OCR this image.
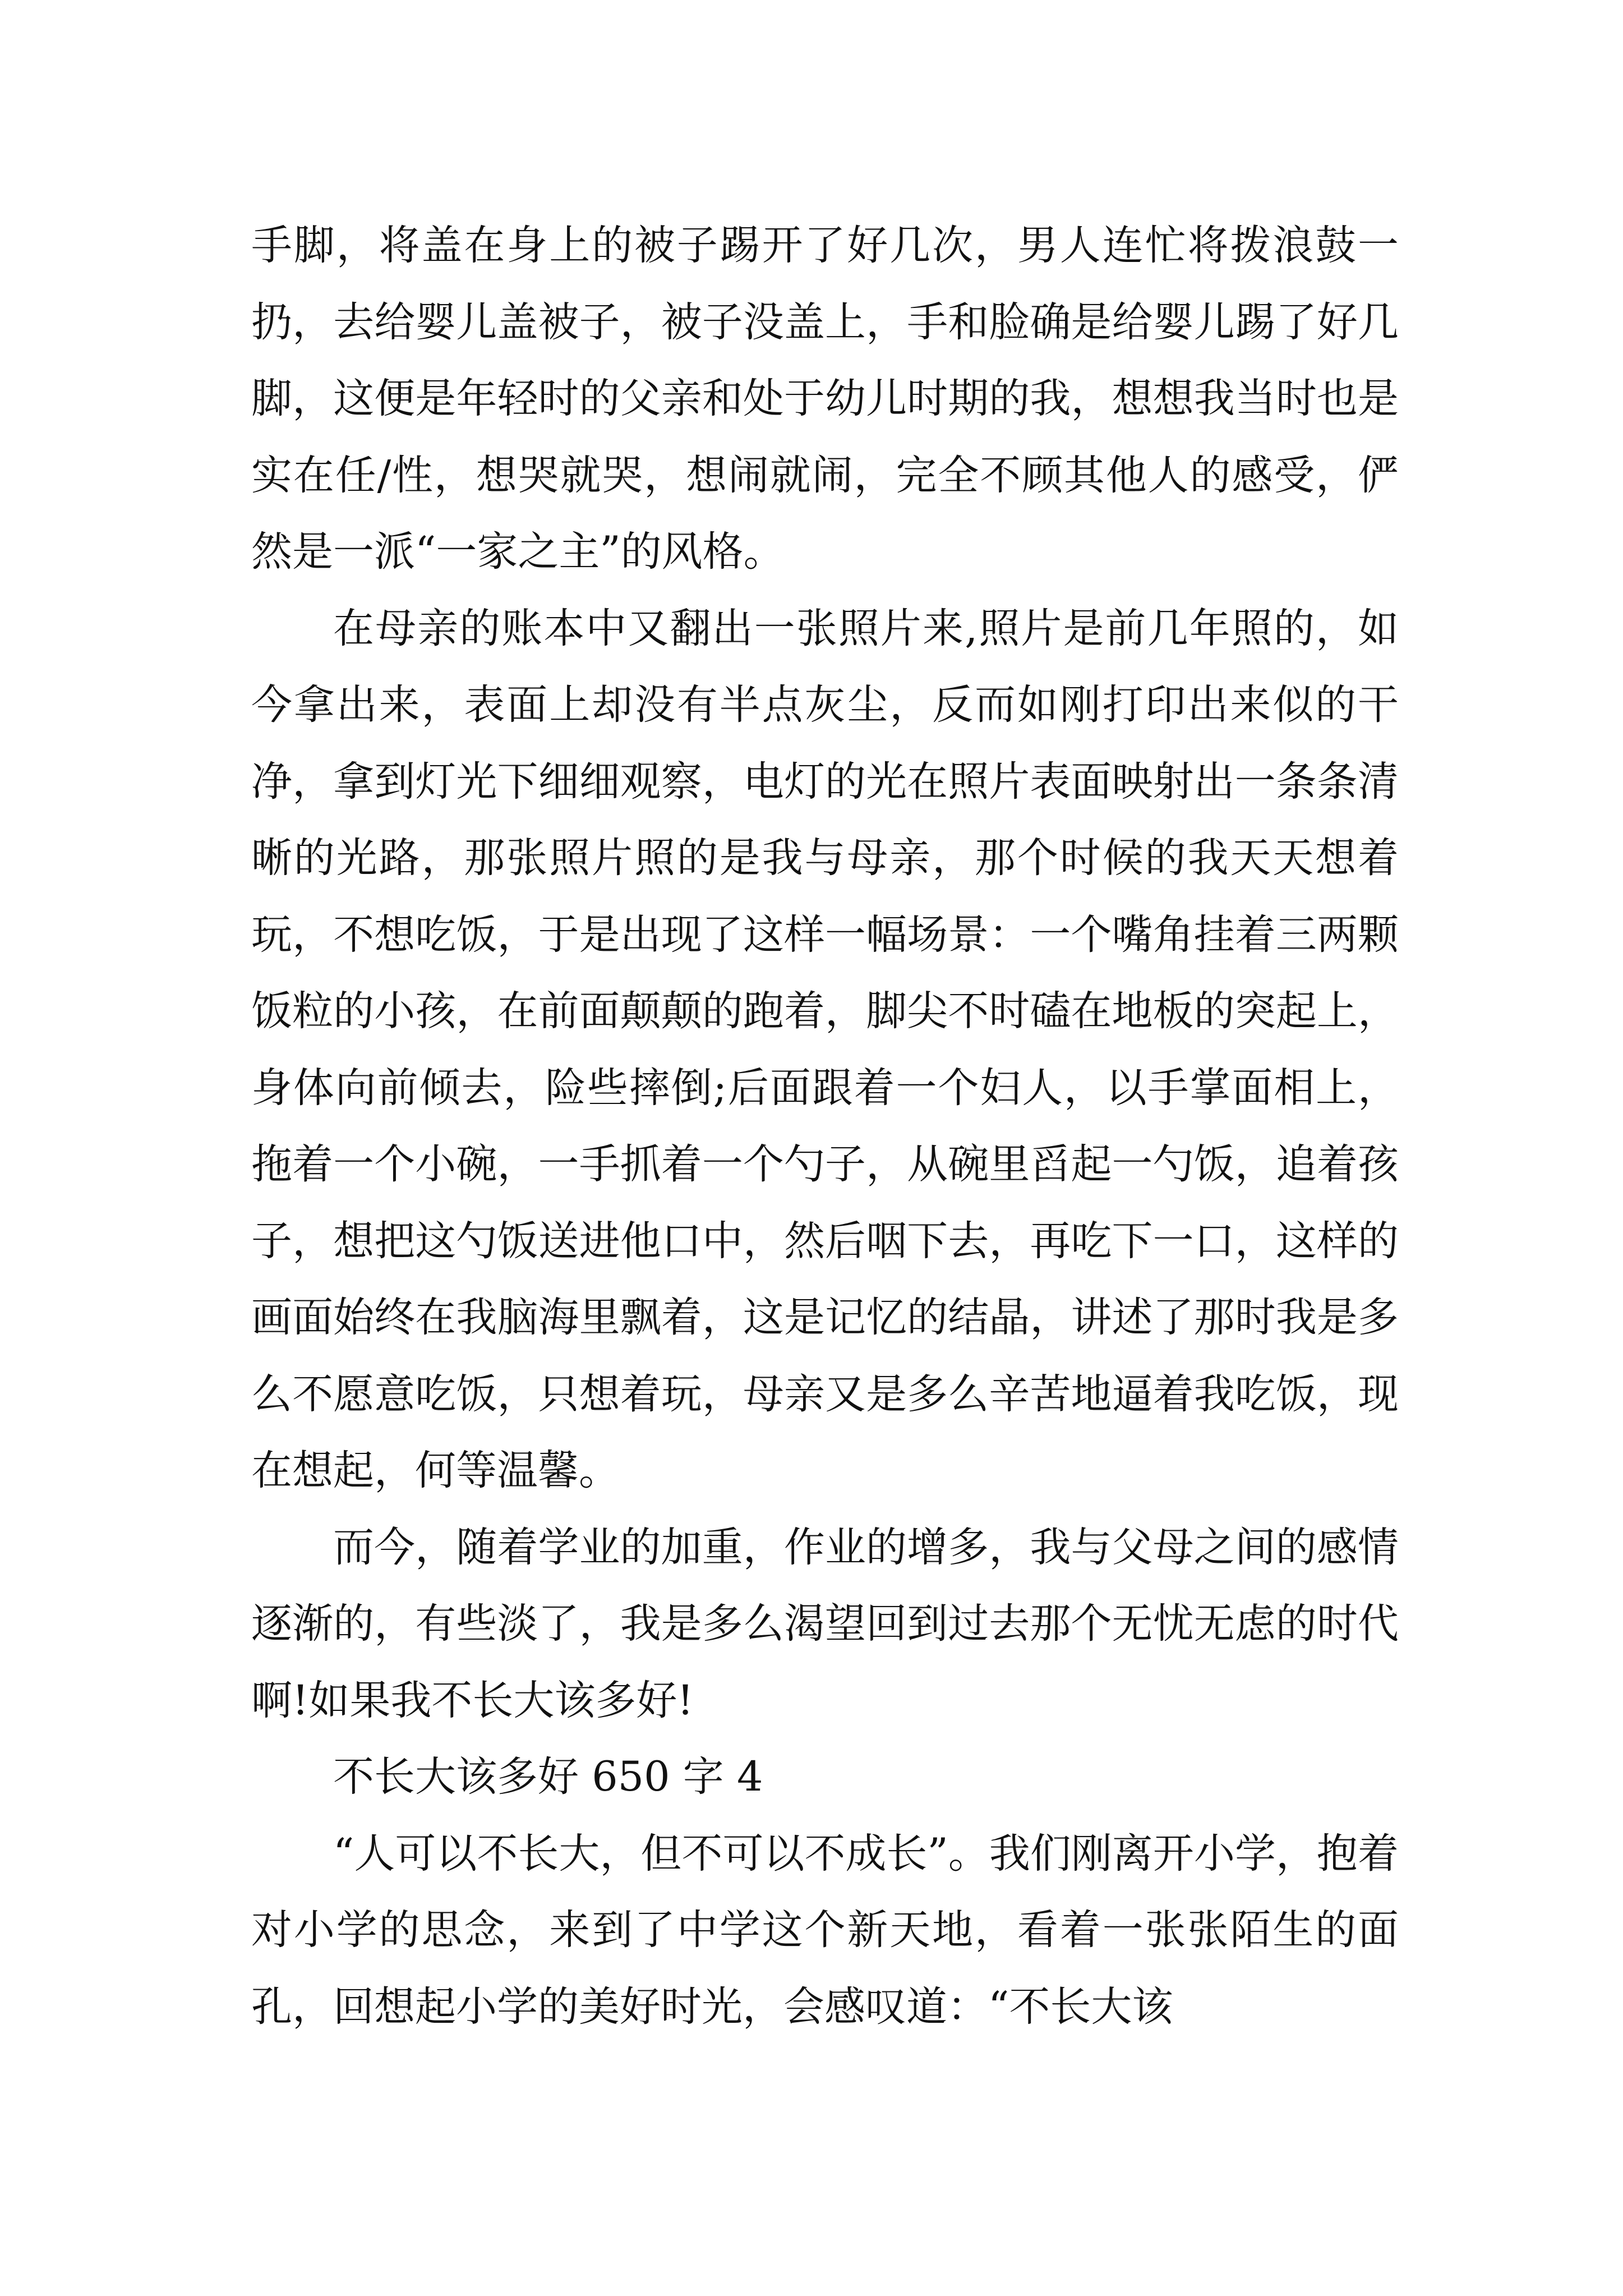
手脚，将盖在身上的被子踢开了好几次，男人连忙将拨浪鼓一扔，去给婴儿盖被子，被子没盖上，手和脸确是给婴儿踢了好几脚，这便是年轻时的父亲和处于幼儿时期的我，想想我当时也是实在任/性，想哭就哭，想闹就闹，完全不顾其他人的感受，俨然是一派“一家之主”的风格。

在母亲的账本中又翻出一张照片来,照片是前几年照的，如今拿出来，表面上却没有半点灰尘，反而如刚打印出来似的干净，拿到灯光下细细观察，电灯的光在照片表面映射出一条条清晰的光路，那张照片照的是我与母亲，那个时候的我天天想着玩，不想吃饭，于是出现了这样一幅场景：一个嘴角挂着三两颗饭粒的小孩，在前面颠颠的跑着，脚尖不时磕在地板的突起上，身体向前倾去，险些摔倒;后面跟着一个妇人，以手掌面相上，拖着一个小碗，一手抓着一个勺子，从碗里舀起一勺饭，追着孩子，想把这勺饭送进他口中，然后咽下去，再吃下一口，这样的画面始终在我脑海里飘着，这是记忆的结晶，讲述了那时我是多么不愿意吃饭，只想着玩，母亲又是多么辛苦地逼着我吃饭，现在想起，何等温馨。

而今，随着学业的加重，作业的增多，我与父母之间的感情逐渐的，有些淡了，我是多么渴望回到过去那个无忧无虑的时代啊!如果我不长大该多好!

不长大该多好 650 字 4

“人可以不长大，但不可以不成长”。我们刚离开小学，抱着对小学的思念，来到了中学这个新天地，看着一张张陌生的面孔，回想起小学的美好时光，会感叹道：“不长大该
